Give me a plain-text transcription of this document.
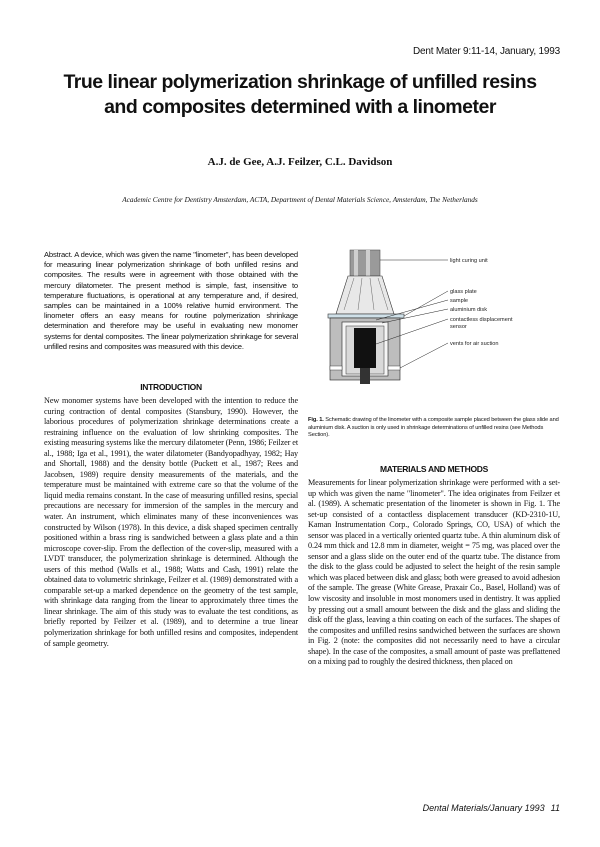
Dent Mater 9:11-14, January, 1993
True linear polymerization shrinkage of unfilled resins
and composites determined with a linometer
A.J. de Gee, A.J. Feilzer, C.L. Davidson
Academic Centre for Dentistry Amsterdam, ACTA, Department of Dental Materials Science, Amsterdam, The Netherlands
Abstract. A device, which was given the name "linometer", has been developed for measuring linear polymerization shrinkage of both unfilled resins and composites. The results were in agreement with those obtained with the mercury dilatometer. The present method is simple, fast, insensitive to temperature fluctuations, is operational at any temperature and, if desired, samples can be maintained in a 100% relative humid environment. The linometer offers an easy means for routine polymerization shrinkage determination and therefore may be useful in evaluating new monomer systems for dental composites. The linear polymerization shrinkage for several unfilled resins and composites was measured with this device.
INTRODUCTION
New monomer systems have been developed with the intention to reduce the curing contraction of dental composites (Stansbury, 1990). However, the laborious procedures of polymerization shrinkage determinations create a restraining influence on the evaluation of low shrinking composites. The existing measuring systems like the mercury dilatometer (Penn, 1986; Feilzer et al., 1988; Iga et al., 1991), the water dilatometer (Bandyopadhyay, 1982; Hay and Shortall, 1988) and the density bottle (Puckett et al., 1987; Rees and Jacobsen, 1989) require density measurements of the materials, and the temperature must be maintained with extreme care so that the volume of the liquid media remains constant. In the case of measuring unfilled resins, special precautions are necessary for immersion of the samples in the mercury and water. An instrument, which eliminates many of these inconveniences was constructed by Wilson (1978). In this device, a disk shaped specimen centrally positioned within a brass ring is sandwiched between a glass plate and a thin microscope cover-slip. From the deflection of the cover-slip, measured with a LVDT transducer, the polymerization shrinkage is determined. Although the users of this method (Walls et al., 1988; Watts and Cash, 1991) relate the obtained data to volumetric shrinkage, Feilzer et al. (1989) demonstrated with a comparable set-up a marked dependence on the geometry of the test sample, with shrinkage data ranging from the linear to approximately three times the linear shrinkage. The aim of this study was to evaluate the test conditions, as briefly reported by Feilzer et al. (1989), and to determine a true linear polymerization shrinkage for both unfilled resins and composites, independent of sample geometry.
light curing unit
glass plate
sample
aluminium disk
contactless displacement
sensor
vents for air suction
Fig. 1. Schematic drawing of the linometer with a composite sample placed between the glass slide and aluminium disk. A suction is only used in shrinkage determinations of unfilled resins (see Methods Section).
MATERIALS AND METHODS
Measurements for linear polymerization shrinkage were performed with a set-up which was given the name "linometer". The idea originates from Feilzer et al. (1989). A schematic presentation of the linometer is shown in Fig. 1. The set-up consisted of a contactless displacement transducer (KD-2310-1U, Kaman Instrumentation Corp., Colorado Springs, CO, USA) of which the sensor was placed in a vertically oriented quartz tube. A thin aluminum disk of 0.24 mm thick and 12.8 mm in diameter, weight = 75 mg, was placed over the sensor and a glass slide on the outer end of the quartz tube. The distance from the disk to the glass could be adjusted to select the height of the resin sample which was placed between disk and glass; both were greased to avoid adhesion of the sample. The grease (White Grease, Praxair Co., Basel, Holland) was of low viscosity and insoluble in most monomers used in dentistry. It was applied by pressing out a small amount between the disk and the glass and sliding the disk off the glass, leaving a thin coating on each of the surfaces. The shapes of the composites and unfilled resins sandwiched between the surfaces are shown in Fig. 2 (note: the composites did not necessarily need to have a circular shape). In the case of the composites, a small amount of paste was preflattened on a mixing pad to roughly the desired thickness, then placed on
Dental Materials/January 1993 11
